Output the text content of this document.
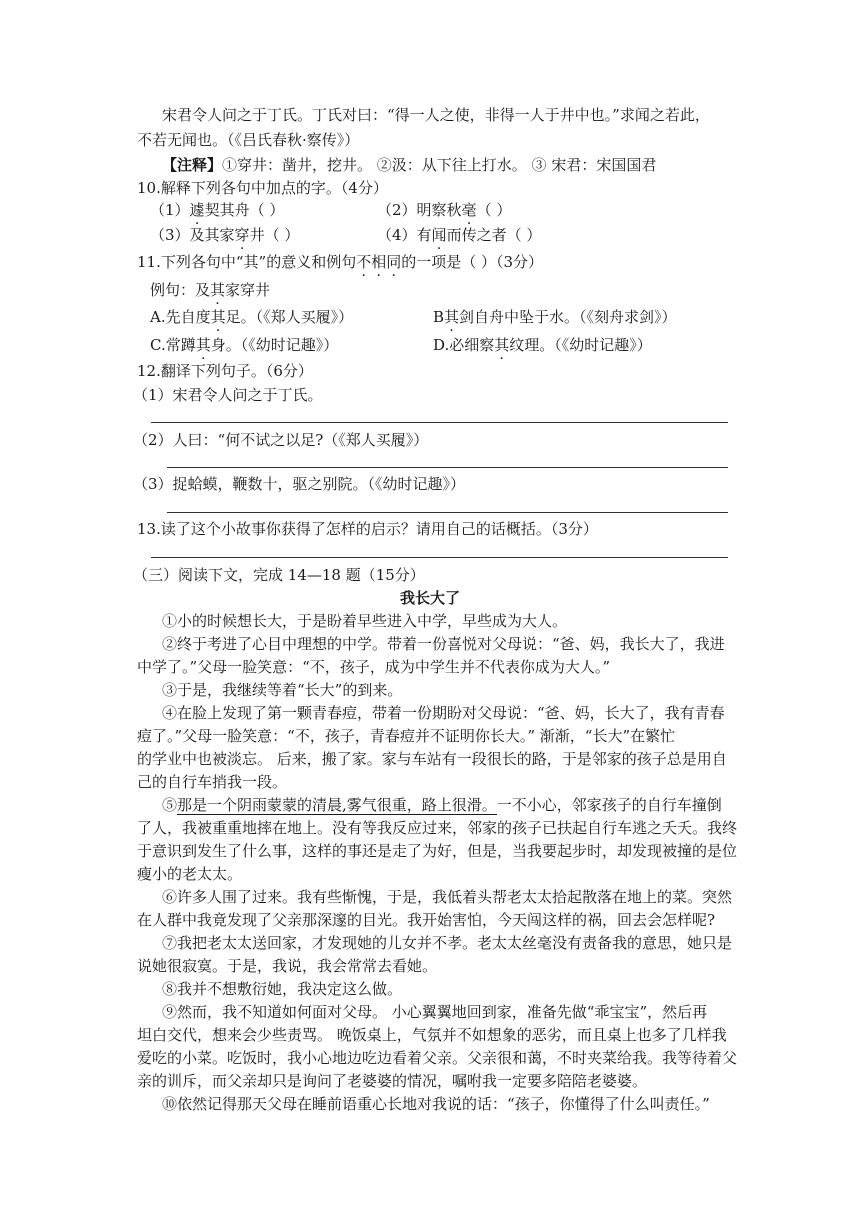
宋君令人问之于丁氏。丁氏对曰：“得一人之使，非得一人于井中也。”求闻之若此，
不若无闻也。（《吕氏春秋·察传》）
【注释】①穿井：凿井，挖井。 ②汲：从下往上打水。 ③ 宋君：宋国国君
10.解释下列各句中加点的字。（4分）
（1）遽契其舟（ ）	（2）明察秋毫（ ）
（3）及其家穿井（ ）	（4）有闻而传之者（ ）
11.下列各句中“其”的意义和例句不相同的一项是（ ）（3分）
例句：及其家穿井
A.先自度其足。（《郑人买履》）	B其剑自舟中坠于水。（《刻舟求剑》）
C.常蹲其身。（《幼时记趣》）	D.必细察其纹理。（《幼时记趣》）
12.翻译下列句子。（6分）
（1）宋君令人问之于丁氏。
（2）人曰：“何不试之以足?（《郑人买履》）
（3）捉蛤蟆，鞭数十，驱之别院。（《幼时记趣》）
13.读了这个小故事你获得了怎样的启示？请用自己的话概括。（3分）
（三）阅读下文，完成 14—18 题（15分）
我长大了
①小的时候想长大，于是盼着早些进入中学，早些成为大人。
②终于考进了心目中理想的中学。带着一份喜悦对父母说：“爸、妈，我长大了，我进
中学了。”父母一脸笑意：“不，孩子，成为中学生并不代表你成为大人。”
③于是，我继续等着“长大”的到来。
④在脸上发现了第一颗青春痘，带着一份期盼对父母说：“爸、妈，长大了，我有青春
痘了。”父母一脸笑意：“不，孩子，青春痘并不证明你长大。” 渐渐，“长大”在繁忙
的学业中也被淡忘。 后来，搬了家。家与车站有一段很长的路，于是邻家的孩子总是用自
己的自行车捎我一段。
⑤那是一个阴雨蒙蒙的清晨,雾气很重，路上很滑。一不小心，邻家孩子的自行车撞倒
了人，我被重重地摔在地上。没有等我反应过来，邻家的孩子已扶起自行车逃之夭夭。我终
于意识到发生了什么事，这样的事还是走了为好，但是，当我要起步时，却发现被撞的是位
瘦小的老太太。
⑥许多人围了过来。我有些惭愧，于是，我低着头帮老太太拾起散落在地上的菜。突然
在人群中我竟发现了父亲那深邃的目光。我开始害怕，今天闯这样的祸，回去会怎样呢?
⑦我把老太太送回家，才发现她的儿女并不孝。老太太丝毫没有责备我的意思，她只是
说她很寂寞。于是，我说，我会常常去看她。
⑧我并不想敷衍她，我决定这么做。
⑨然而，我不知道如何面对父母。 小心翼翼地回到家，准备先做“乖宝宝”，然后再
坦白交代，想来会少些责骂。 晚饭桌上，气氛并不如想象的恶劣，而且桌上也多了几样我
爱吃的小菜。吃饭时，我小心地边吃边看着父亲。父亲很和蔼，不时夹菜给我。我等待着父
亲的训斥，而父亲却只是询问了老婆婆的情况，嘱咐我一定要多陪陪老婆婆。
⑩依然记得那天父母在睡前语重心长地对我说的话：“孩子，你懂得了什么叫责任。”
